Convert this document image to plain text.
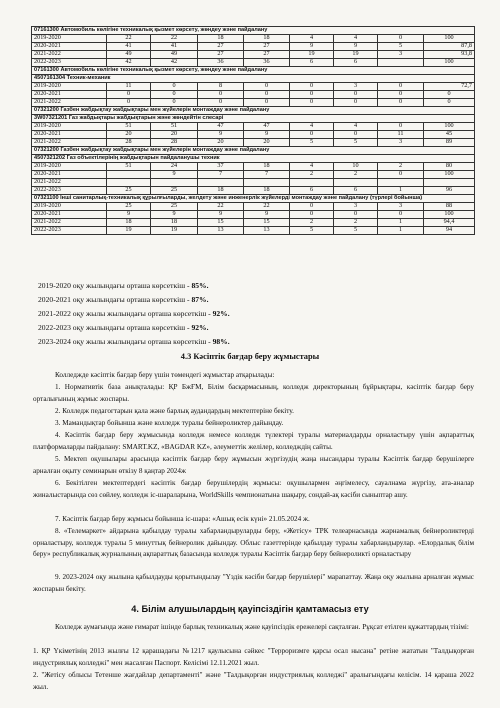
07161300 Автомобиль көлігіне техникалық қызмет көрсету, жөндеу және пайдалану								
2019-2020	22	22	18	18	4	4	0	100
2020-2021	41	41	27	27	9	9	5	87,8
2021-2022	49	49	27	27	19	19	3	93,8
2022-2023	42	42	36	36	6	6		100
07161300 Автомобиль көлігіне техникалық қызмет көрсету, жөндеу және пайдалану								
4507161304 Техник-механик								
2019-2020	11	0	8	0	0	3	0	72,7
2020-2021	0	0	0	0	0	0	0	0
2021-2022	0	0	0	0	0	0	0	0
07321200 Газбен жабдықтау жабдықтары мен жүйелерін монтаждау және пайдалану								
3W07321201 Газ жабдықтары жабдықтарын және жөндейтін слесарі								
2019-2020	51	51	47	47	4	4	0	100
2020-2021	20	20	9	9	0	0	11	45
2021-2022	28	28	20	20	5	5	3	89
07321200 Газбен жабдықтау жабдықтары мен жүйелерін монтаждау және пайдалану								
4507321202 Газ объектілерінің жабдықтарын пайдаланушы техник								
2019-2020	51	24	37	18	4	10	2	80
2020-2021		9	7	7	2	2	0	100
2021-2022								
2022-2023	25	25	18	18	6	6	1	96
07321100 Інші санитарлық-техникалық құрылғыларды, желдету және инженерлік жүйелерді монтаждау және пайдалану (түрлері бойынша)								
2019-2020	25	25	22	22	0	3	3	88
2020-2021	9	9	9	9	0	0	0	100
2021-2022	18	18	15	15	2	2	1	94,4
2022-2023	19	19	13	13	5	5	1	94
2019-2020 оқу жылындағы орташа көрсеткіш - 85%.
2020-2021 оқу жылындағы орташа көрсеткіш - 87%.
2021-2022 оқу жылы жылындағы орташа көрсеткіш - 92%.
2022-2023 оқу жылындағы орташа көрсеткіш - 92%.
2023-2024 оқу жылы жылындағы орташа көрсеткіш - 98%.
4.3 Кәсіптік бағдар беру жұмыстары
Колледжде кәсіптік бағдар беру үшін төмендегі жұмыстар атқарылады:
1. Нормативтік база анықталады: ҚР БжҒМ, Білім басқармасының, колледж директорының бұйрықтары, кәсіптік бағдар беру орталығының жұмыс жоспары.
2. Колледж педагогтарын қала және барлық аудандардың мектептеріне бекіту.
3. Мамандықтар бойынша және колледж туралы бейнероликтер дайындау.
4. Кәсіптік бағдар беру жұмысында колледж немесе колледж түлектері туралы материалдарды орналастыру үшін ақпараттық платформаларды пайдалану: SMART.KZ, «BAGDAR KZ», әлеуметтік желілер, колледждің сайты.
5. Мектеп оқушылары арасында кәсіптік бағдар беру жұмысын жүргізудің жаңа нысандары туралы Кәсіптік бағдар берушілерге арналған оқыту семинарын өткізу 8 қаңтар 2024ж
6. Бекітілген мектептердегі кәсіптік бағдар берушілердің жұмысы: оқушылармен әңгімелесу, сауалнама жүргізу, ата-аналар жиналыстарында сөз сөйлеу, колледж іс-шараларына, WorldSkills чемпионатына шақыру, сондай-ақ кәсіби сыныптар ашу.
7. Кәсіптік бағдар беру жұмысы бойынша іс-шара: «Ашық есік күні» 21.05.2024 ж.
8. «Телемаркет» айдарына қабылдау туралы хабарландыруларды беру, «Жетісу» ТРК телеарнасында жарнамалық бейнероликтерді орналастыру, колледж туралы 5 минуттық бейнеролик дайындау. Облыс газеттерінде қабылдау туралы хабарландырулар. «Елордалық білім беру» республикалық журналының ақпараттық базасында колледж туралы Кәсіптік бағдар беру бейнероликті орналастыру
9. 2023-2024 оқу жылына қабылдауды қорытындылау "Үздік кәсіби бағдар берушілері" марапаттау. Жаңа оқу жылына арналған жұмыс жоспарын бекіту.
4. Білім алушылардың қауіпсіздігін қамтамасыз ету
Колледж аумағында және ғимарат ішінде барлық техникалық және қауіпсіздік ережелері сақталған. Рұқсат етілген құжаттардың тізімі:
1. ҚР Үкіметінің 2013 жылғы 12 қарашадағы №1217 қаулысына сәйкес "Терроризмге қарсы осал нысана" ретіне жататын "Талдықорған индустриялық колледжі" мен жасалған Паспорт. Келісімі 12.11.2021 жыл.
2. "Жетісу облысы Тетенше жағдайлар департаменті" және "Талдықорған индустриялық колледжі" аралығындағы келісім. 14 қараша 2022 жыл.
